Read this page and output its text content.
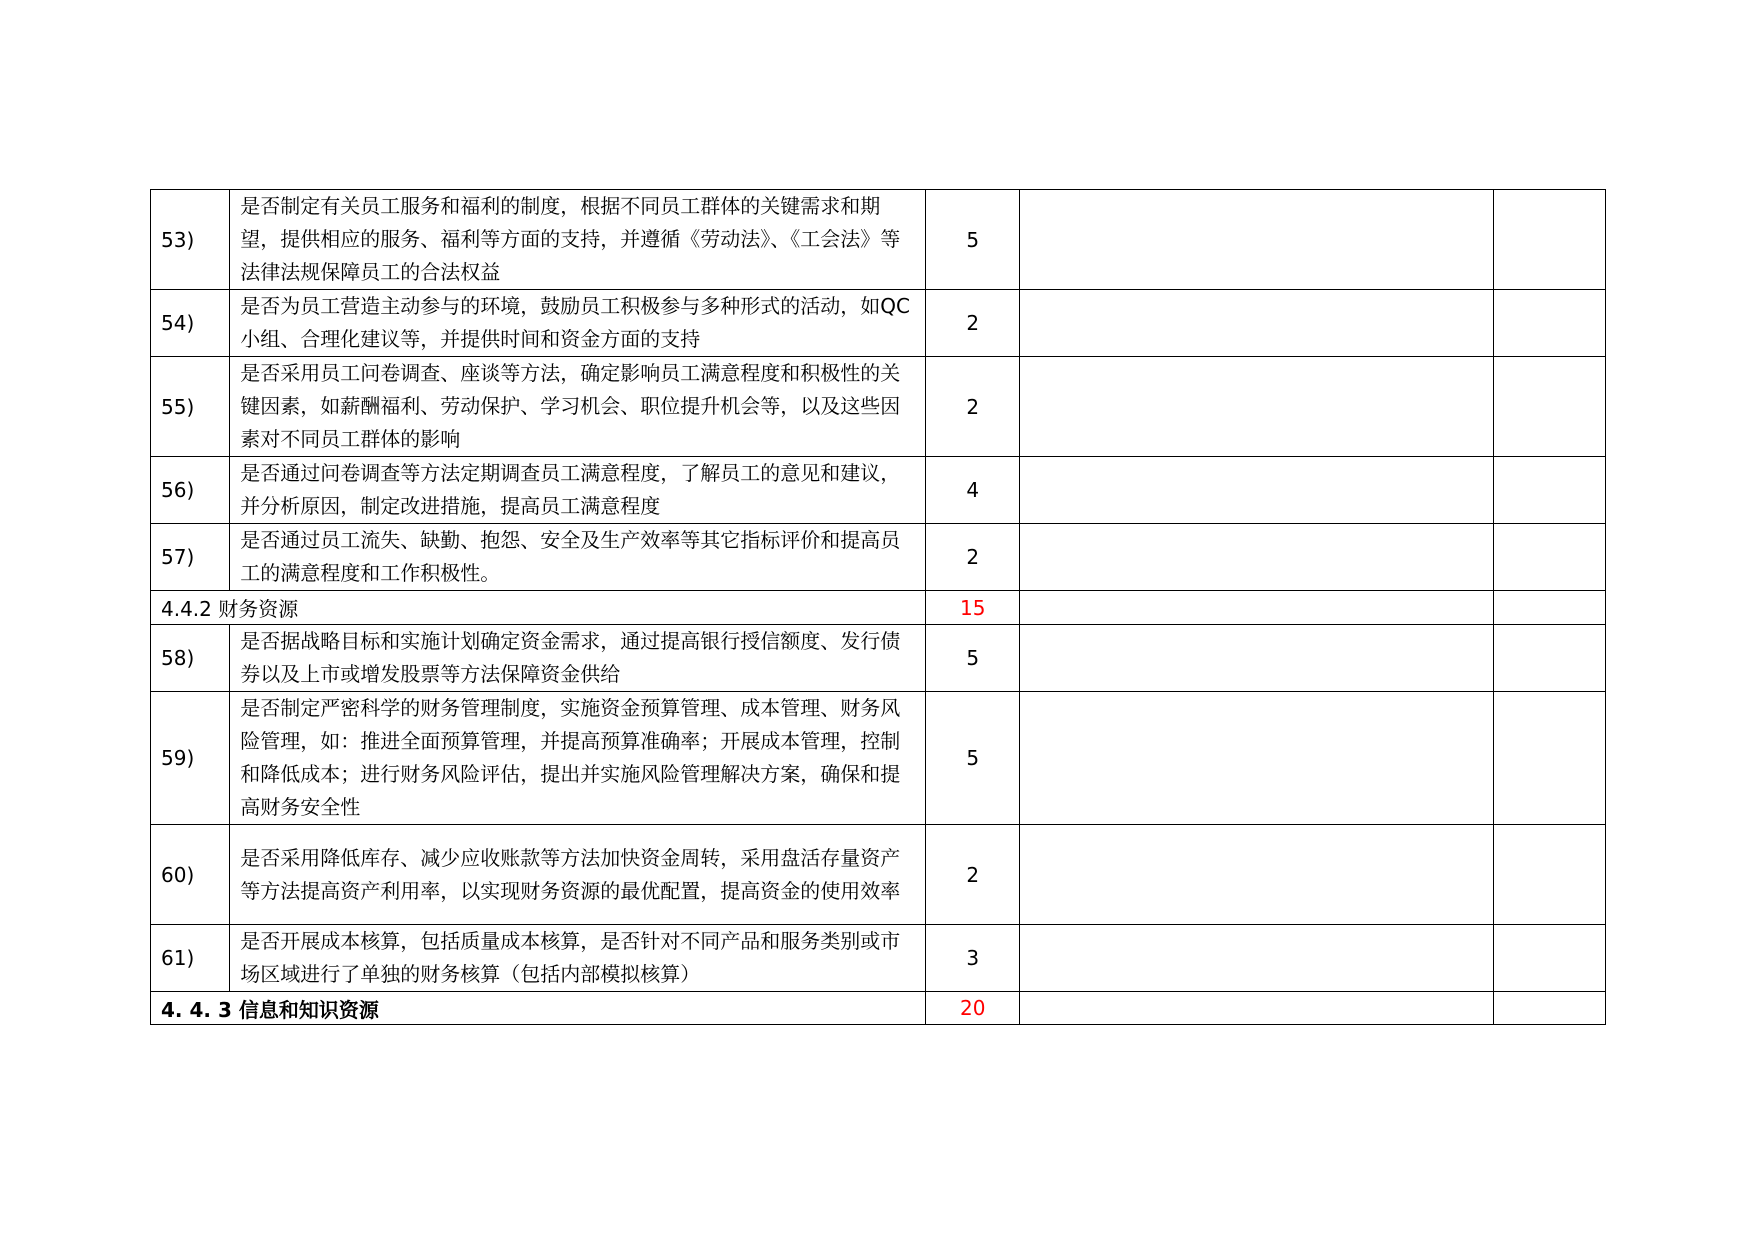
53)	是否制定有关员工服务和福利的制度，根据不同员工群体的关键需求和期望，提供相应的服务、福利等方面的支持，并遵循《劳动法》、《工会法》等法律法规保障员工的合法权益	5		
54)	是否为员工营造主动参与的环境，鼓励员工积极参与多种形式的活动，如QC小组、合理化建议等，并提供时间和资金方面的支持	2		
55)	是否采用员工问卷调查、座谈等方法，确定影响员工满意程度和积极性的关键因素，如薪酬福利、劳动保护、学习机会、职位提升机会等，以及这些因素对不同员工群体的影响	2		
56)	是否通过问卷调查等方法定期调查员工满意程度，了解员工的意见和建议，并分析原因，制定改进措施，提高员工满意程度	4		
57)	是否通过员工流失、缺勤、抱怨、安全及生产效率等其它指标评价和提高员工的满意程度和工作积极性。	2		
4.4.2 财务资源		15		
58)	是否据战略目标和实施计划确定资金需求，通过提高银行授信额度、发行债券以及上市或增发股票等方法保障资金供给	5		
59)	是否制定严密科学的财务管理制度，实施资金预算管理、成本管理、财务风险管理，如：推进全面预算管理，并提高预算准确率；开展成本管理，控制和降低成本；进行财务风险评估，提出并实施风险管理解决方案，确保和提高财务安全性	5		
60)	是否采用降低库存、减少应收账款等方法加快资金周转，采用盘活存量资产等方法提高资产利用率，以实现财务资源的最优配置，提高资金的使用效率	2		
61)	是否开展成本核算，包括质量成本核算，是否针对不同产品和服务类别或市场区域进行了单独的财务核算（包括内部模拟核算）	3		
4. 4. 3 信息和知识资源		20		
